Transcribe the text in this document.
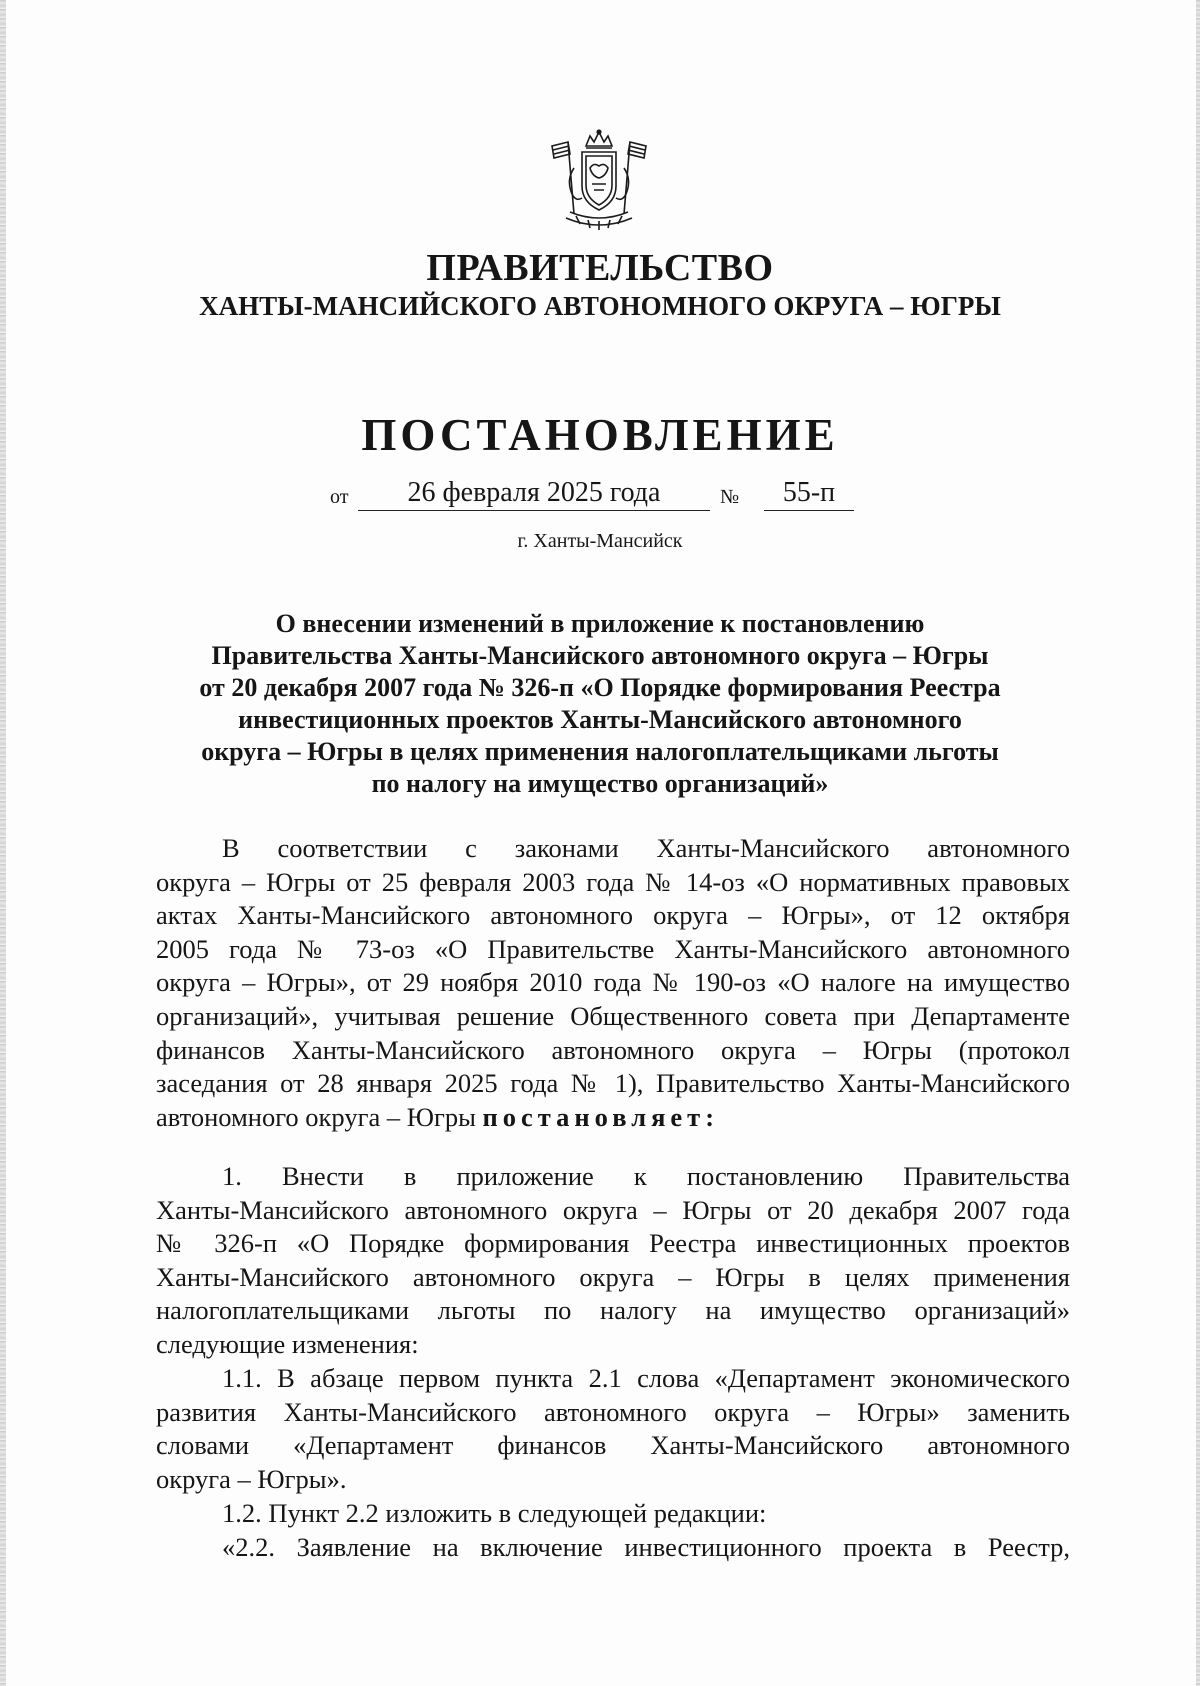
ПРАВИТЕЛЬСТВО
ХАНТЫ-МАНСИЙСКОГО АВТОНОМНОГО ОКРУГА – ЮГРЫ
ПОСТАНОВЛЕНИЕ
от	26 февраля 2025 года	№	55-п
г. Ханты-Мансийск
О внесении изменений в приложение к постановлению
Правительства Ханты-Мансийского автономного округа – Югры
от 20 декабря 2007 года № 326-п «О Порядке формирования Реестра
инвестиционных проектов Ханты-Мансийского автономного
округа – Югры в целях применения налогоплательщиками льготы
по налогу на имущество организаций»
В соответствии с законами Ханты-Мансийского автономного
округа – Югры от 25 февраля 2003 года № 14-оз «О нормативных правовых
актах Ханты-Мансийского автономного округа – Югры», от 12 октября
2005 года № 73-оз «О Правительстве Ханты-Мансийского автономного
округа – Югры», от 29 ноября 2010 года № 190-оз «О налоге на имущество
организаций», учитывая решение Общественного совета при Департаменте
финансов Ханты-Мансийского автономного округа – Югры (протокол
заседания от 28 января 2025 года № 1), Правительство Ханты-Мансийского
автономного округа – Югры постановляет:
1. Внести в приложение к постановлению Правительства
Ханты-Мансийского автономного округа – Югры от 20 декабря 2007 года
№ 326-п «О Порядке формирования Реестра инвестиционных проектов
Ханты-Мансийского автономного округа – Югры в целях применения
налогоплательщиками льготы по налогу на имущество организаций»
следующие изменения:
1.1. В абзаце первом пункта 2.1 слова «Департамент экономического
развития Ханты-Мансийского автономного округа – Югры» заменить
словами «Департамент финансов Ханты-Мансийского автономного
округа – Югры».
1.2. Пункт 2.2 изложить в следующей редакции:
«2.2. Заявление на включение инвестиционного проекта в Реестр,
